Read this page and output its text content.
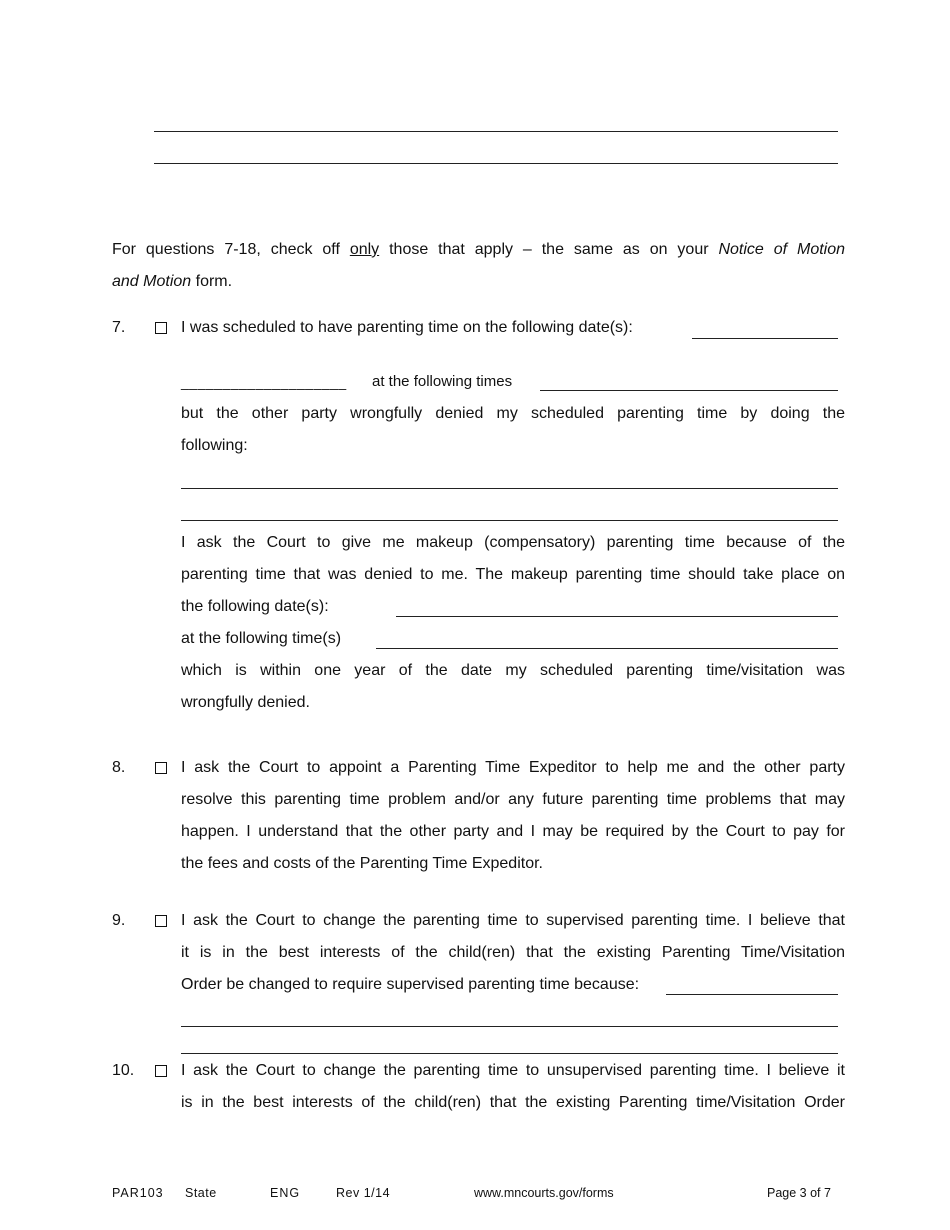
For questions 7-18, check off only those that apply – the same as on your Notice of Motion
and Motion form.
7.	I was scheduled to have parenting time on the following date(s):
____________________ at the following times
but the other party wrongfully denied my scheduled parenting time by doing the
following:
I ask the Court to give me makeup (compensatory) parenting time because of the
parenting time that was denied to me. The makeup parenting time should take place on
the following date(s):
at the following time(s)
which is within one year of the date my scheduled parenting time/visitation was
wrongfully denied.
8.	I ask the Court to appoint a Parenting Time Expeditor to help me and the other party
resolve this parenting time problem and/or any future parenting time problems that may
happen. I understand that the other party and I may be required by the Court to pay for
the fees and costs of the Parenting Time Expeditor.
9.	I ask the Court to change the parenting time to supervised parenting time. I believe that
it is in the best interests of the child(ren) that the existing Parenting Time/Visitation
Order be changed to require supervised parenting time because:
10.	I ask the Court to change the parenting time to unsupervised parenting time. I believe it
is in the best interests of the child(ren) that the existing Parenting time/Visitation Order
PAR103 State	ENG	Rev 1/14	www.mncourts.gov/forms	Page 3 of 7
